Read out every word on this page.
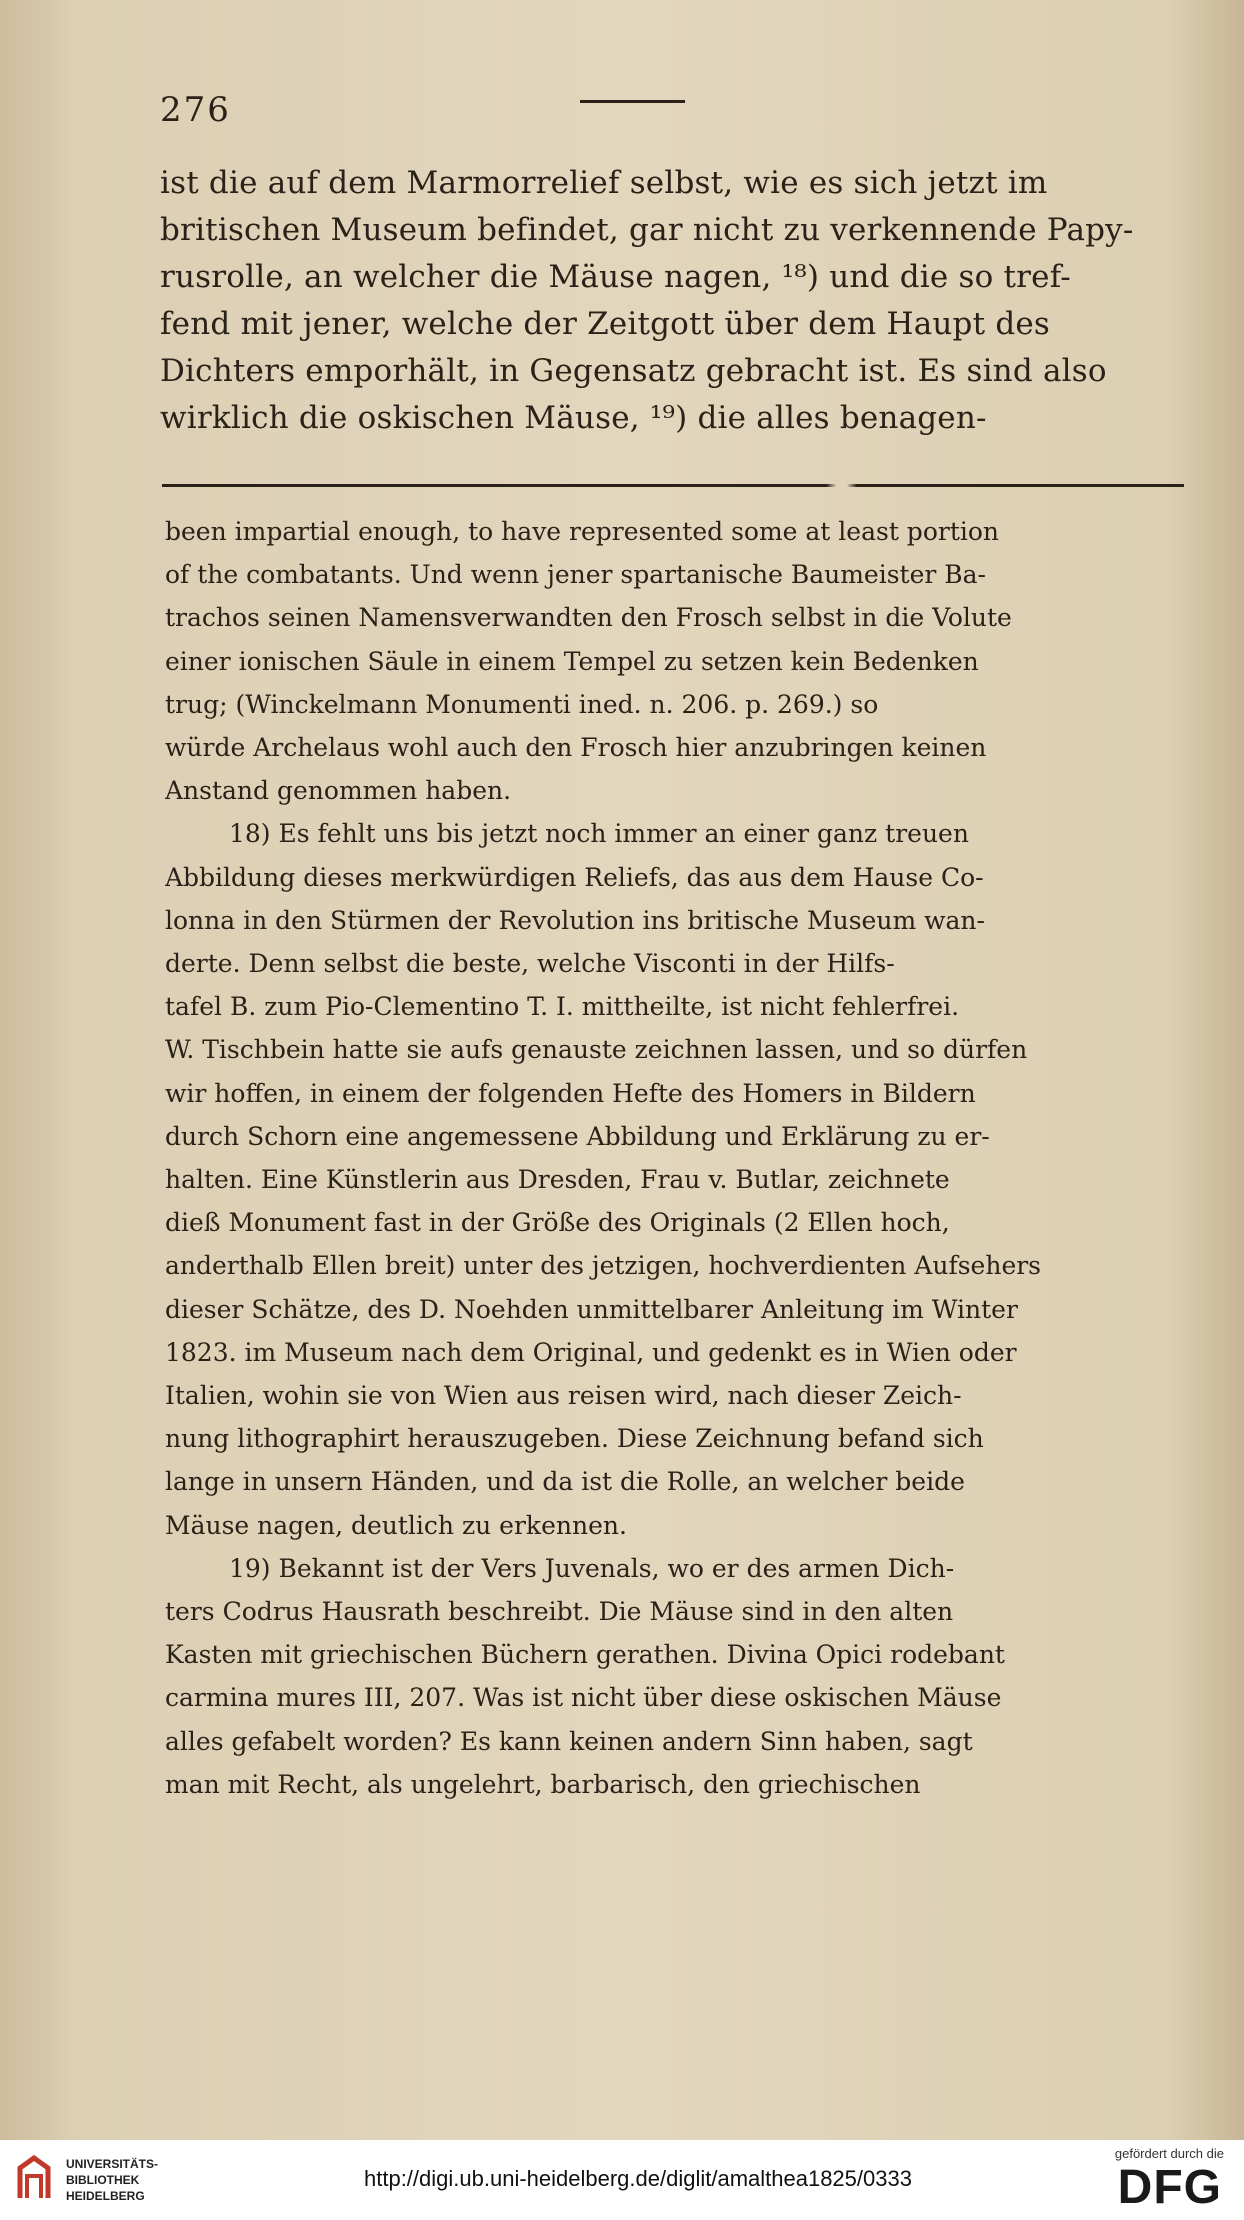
276
ist die auf dem Marmorrelief selbst, wie es sich jetzt im
britischen Museum befindet, gar nicht zu verkennende Papy-
rusrolle, an welcher die Mäuse nagen, ¹⁸) und die so tref-
fend mit jener, welche der Zeitgott über dem Haupt des
Dichters emporhält, in Gegensatz gebracht ist. Es sind also
wirklich die oskischen Mäuse, ¹⁹) die alles benagen-
been impartial enough, to have represented some at least portion
of the combatants. Und wenn jener spartanische Baumeister Ba-
trachos seinen Namensverwandten den Frosch selbst in die Volute
einer ionischen Säule in einem Tempel zu setzen kein Bedenken
trug; (Winckelmann Monumenti ined. n. 206. p. 269.) so
würde Archelaus wohl auch den Frosch hier anzubringen keinen
Anstand genommen haben.
18) Es fehlt uns bis jetzt noch immer an einer ganz treuen
Abbildung dieses merkwürdigen Reliefs, das aus dem Hause Co-
lonna in den Stürmen der Revolution ins britische Museum wan-
derte. Denn selbst die beste, welche Visconti in der Hilfs-
tafel B. zum Pio-Clementino T. I. mittheilte, ist nicht fehlerfrei.
W. Tischbein hatte sie aufs genauste zeichnen lassen, und so dürfen
wir hoffen, in einem der folgenden Hefte des Homers in Bildern
durch Schorn eine angemessene Abbildung und Erklärung zu er-
halten. Eine Künstlerin aus Dresden, Frau v. Butlar, zeichnete
dieß Monument fast in der Größe des Originals (2 Ellen hoch,
anderthalb Ellen breit) unter des jetzigen, hochverdienten Aufsehers
dieser Schätze, des D. Noehden unmittelbarer Anleitung im Winter
1823. im Museum nach dem Original, und gedenkt es in Wien oder
Italien, wohin sie von Wien aus reisen wird, nach dieser Zeich-
nung lithographirt herauszugeben. Diese Zeichnung befand sich
lange in unsern Händen, und da ist die Rolle, an welcher beide
Mäuse nagen, deutlich zu erkennen.
19) Bekannt ist der Vers Juvenals, wo er des armen Dich-
ters Codrus Hausrath beschreibt. Die Mäuse sind in den alten
Kasten mit griechischen Büchern gerathen. Divina Opici rodebant
carmina mures III, 207. Was ist nicht über diese oskischen Mäuse
alles gefabelt worden? Es kann keinen andern Sinn haben, sagt
man mit Recht, als ungelehrt, barbarisch, den griechischen
UNIVERSITÄTS-
BIBLIOTHEK
HEIDELBERG
http://digi.ub.uni-heidelberg.de/diglit/amalthea1825/0333
gefördert durch die
DFG
